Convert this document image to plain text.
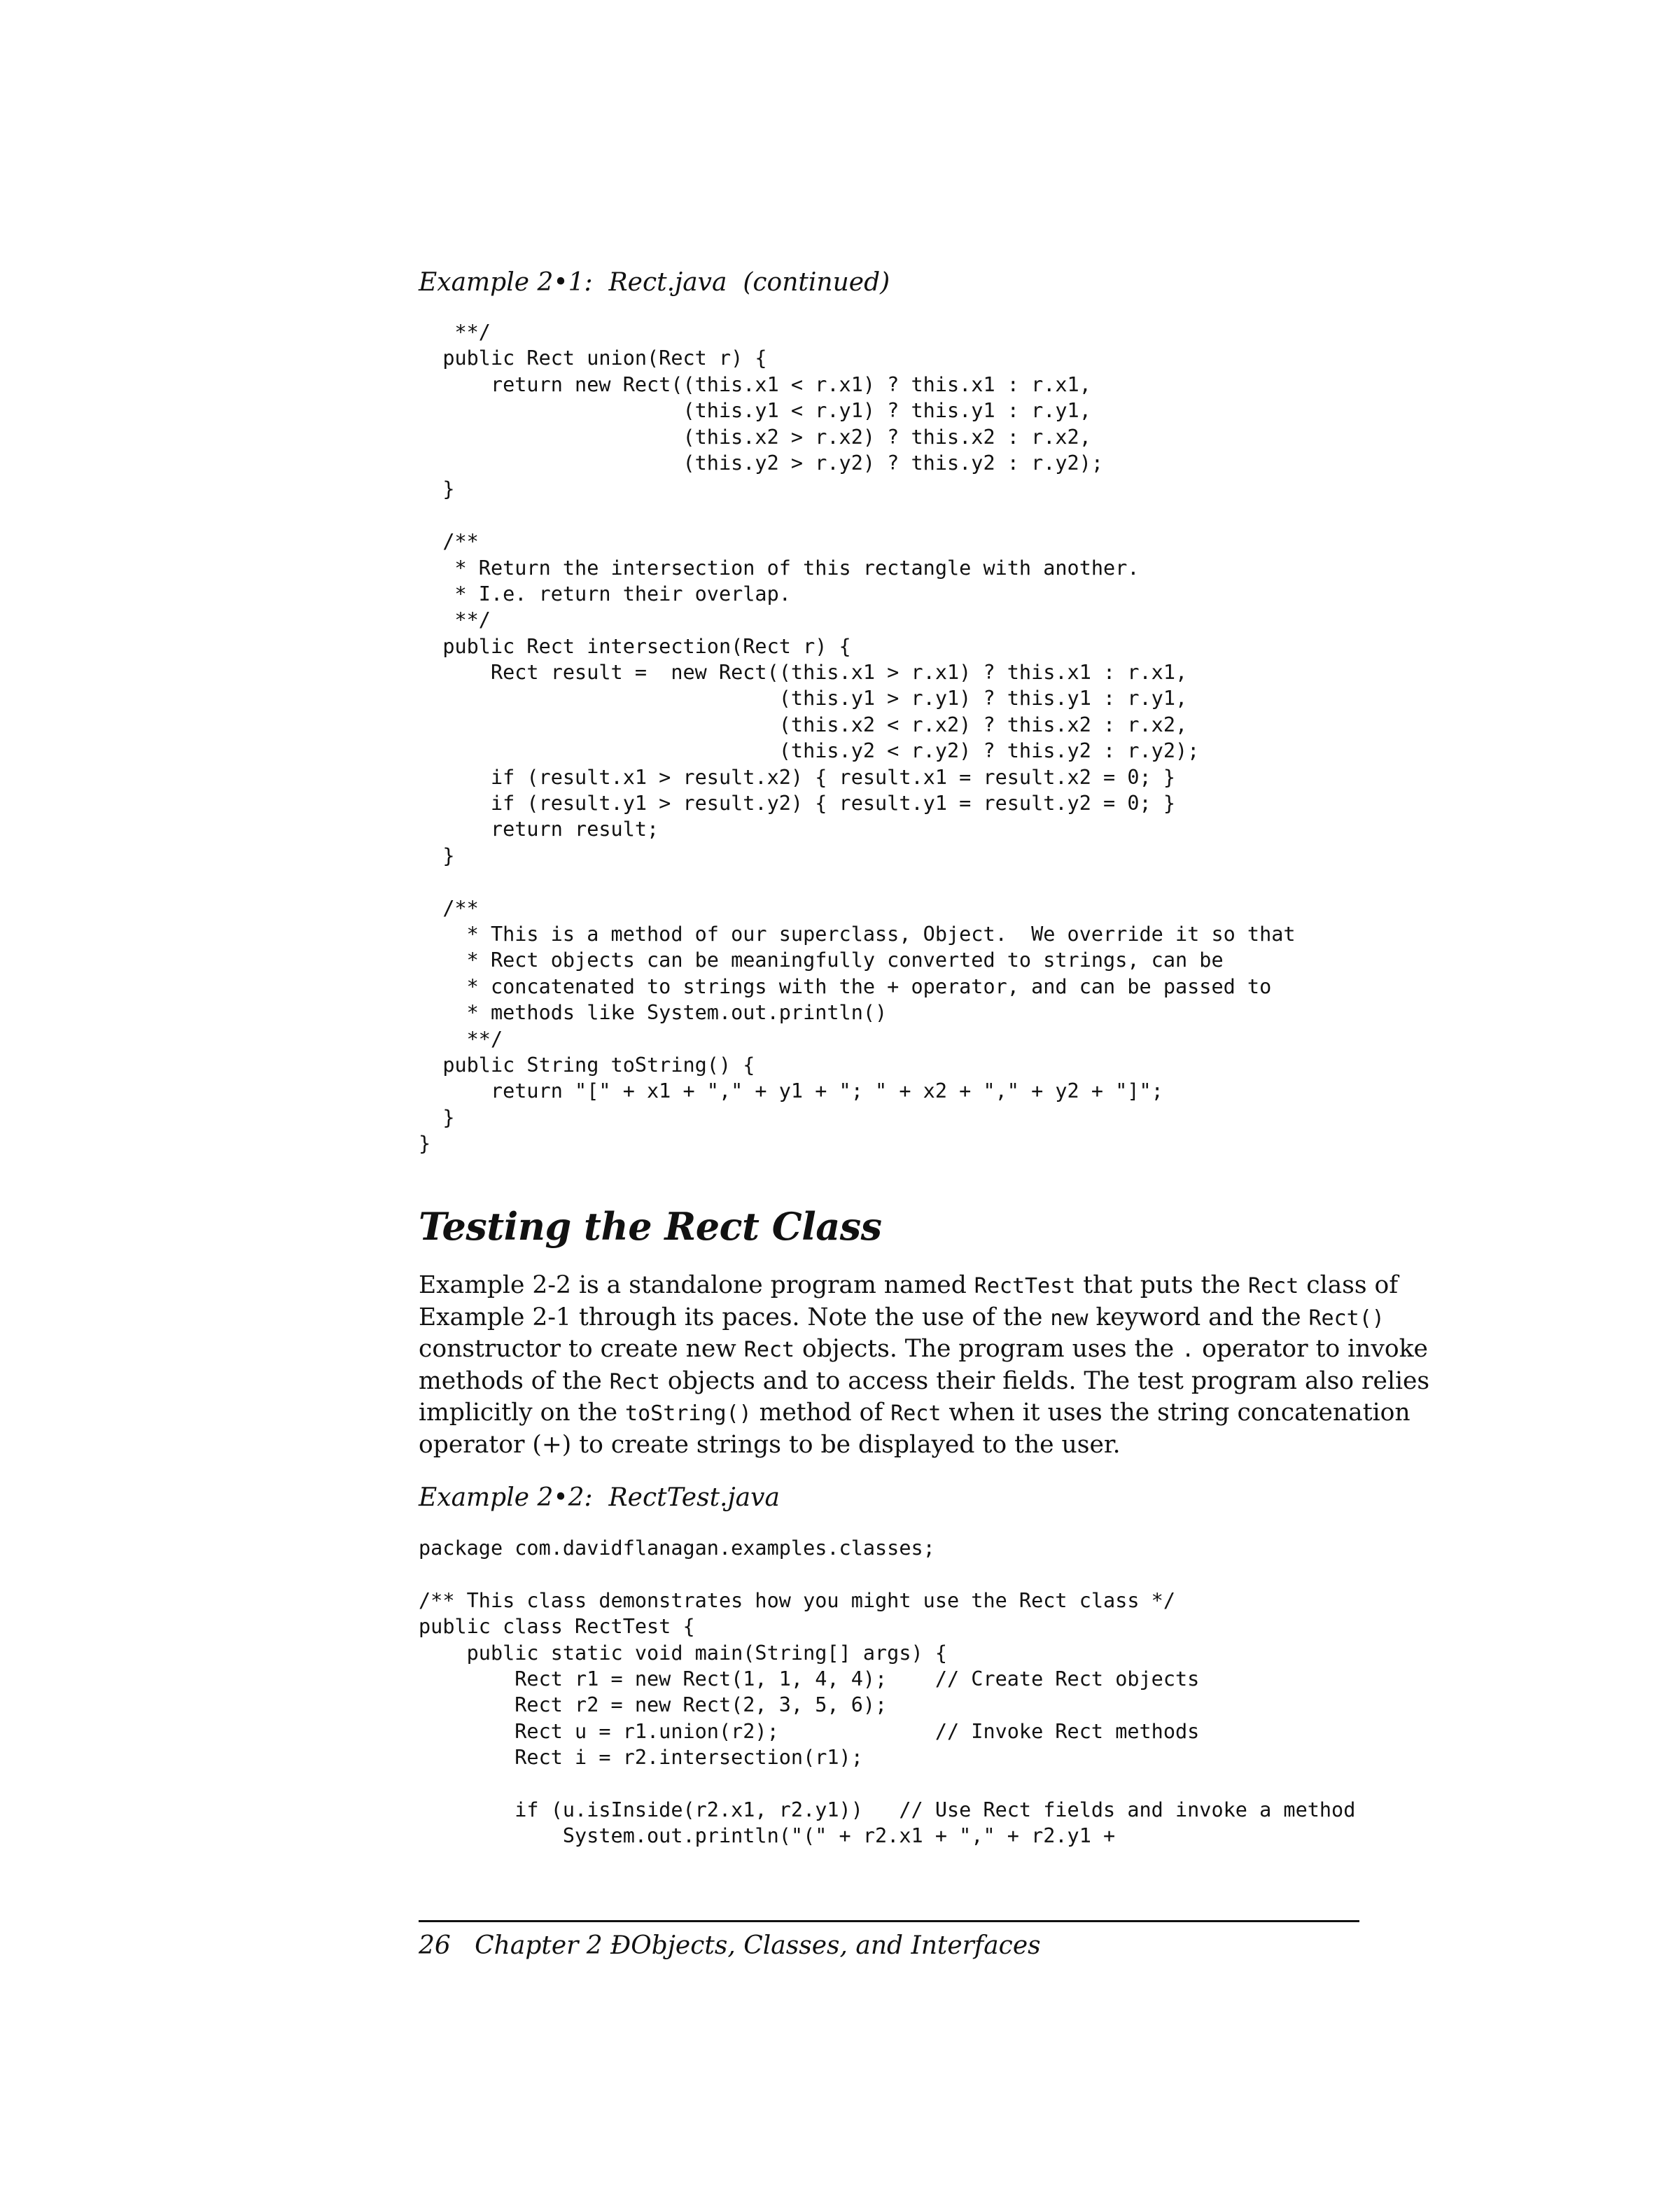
Example 2•1:  Rect.java  (continued)

**/
public Rect union(Rect r) {
return new Rect((this.x1 < r.x1) ? this.x1 : r.x1,
(this.y1 < r.y1) ? this.y1 : r.y1,
(this.x2 > r.x2) ? this.x2 : r.x2,
(this.y2 > r.y2) ? this.y2 : r.y2);
}
/**
* Return the intersection of this rectangle with another.
* I.e. return their overlap.
**/
public Rect intersection(Rect r) {
Rect result =  new Rect((this.x1 > r.x1) ? this.x1 : r.x1,
(this.y1 > r.y1) ? this.y1 : r.y1,
(this.x2 < r.x2) ? this.x2 : r.x2,
(this.y2 < r.y2) ? this.y2 : r.y2);
if (result.x1 > result.x2) { result.x1 = result.x2 = 0; }
if (result.y1 > result.y2) { result.y1 = result.y2 = 0; }
return result;
}
/**
* This is a method of our superclass, Object.  We override it so that
* Rect objects can be meaningfully converted to strings, can be
* concatenated to strings with the + operator, and can be passed to
* methods like System.out.println()
**/
public String toString() {
return "[" + x1 + "," + y1 + "; " + x2 + "," + y2 + "]";
}
}
Testing the Rect Class

Example 2-2 is a standalone program named RectTest that puts the Rect class of
Example 2-1 through its paces. Note the use of the new keyword and the Rect()
constructor to create new Rect objects. The program uses the . operator to invoke
methods of the Rect objects and to access their fields. The test program also relies
implicitly on the toString() method of Rect when it uses the string concatenation
operator (+) to create strings to be displayed to the user.

Example 2•2:  RectTest.java

package com.davidflanagan.examples.classes;
/** This class demonstrates how you might use the Rect class */
public class RectTest {
public static void main(String[] args) {
Rect r1 = new Rect(1, 1, 4, 4);    // Create Rect objects
Rect r2 = new Rect(2, 3, 5, 6);
Rect u = r1.union(r2);             // Invoke Rect methods
Rect i = r2.intersection(r1);
if (u.isInside(r2.x1, r2.y1))   // Use Rect fields and invoke a method
System.out.println("(" + r2.x1 + "," + r2.y1 +

26   Chapter 2 ÐObjects, Classes, and Interfaces
